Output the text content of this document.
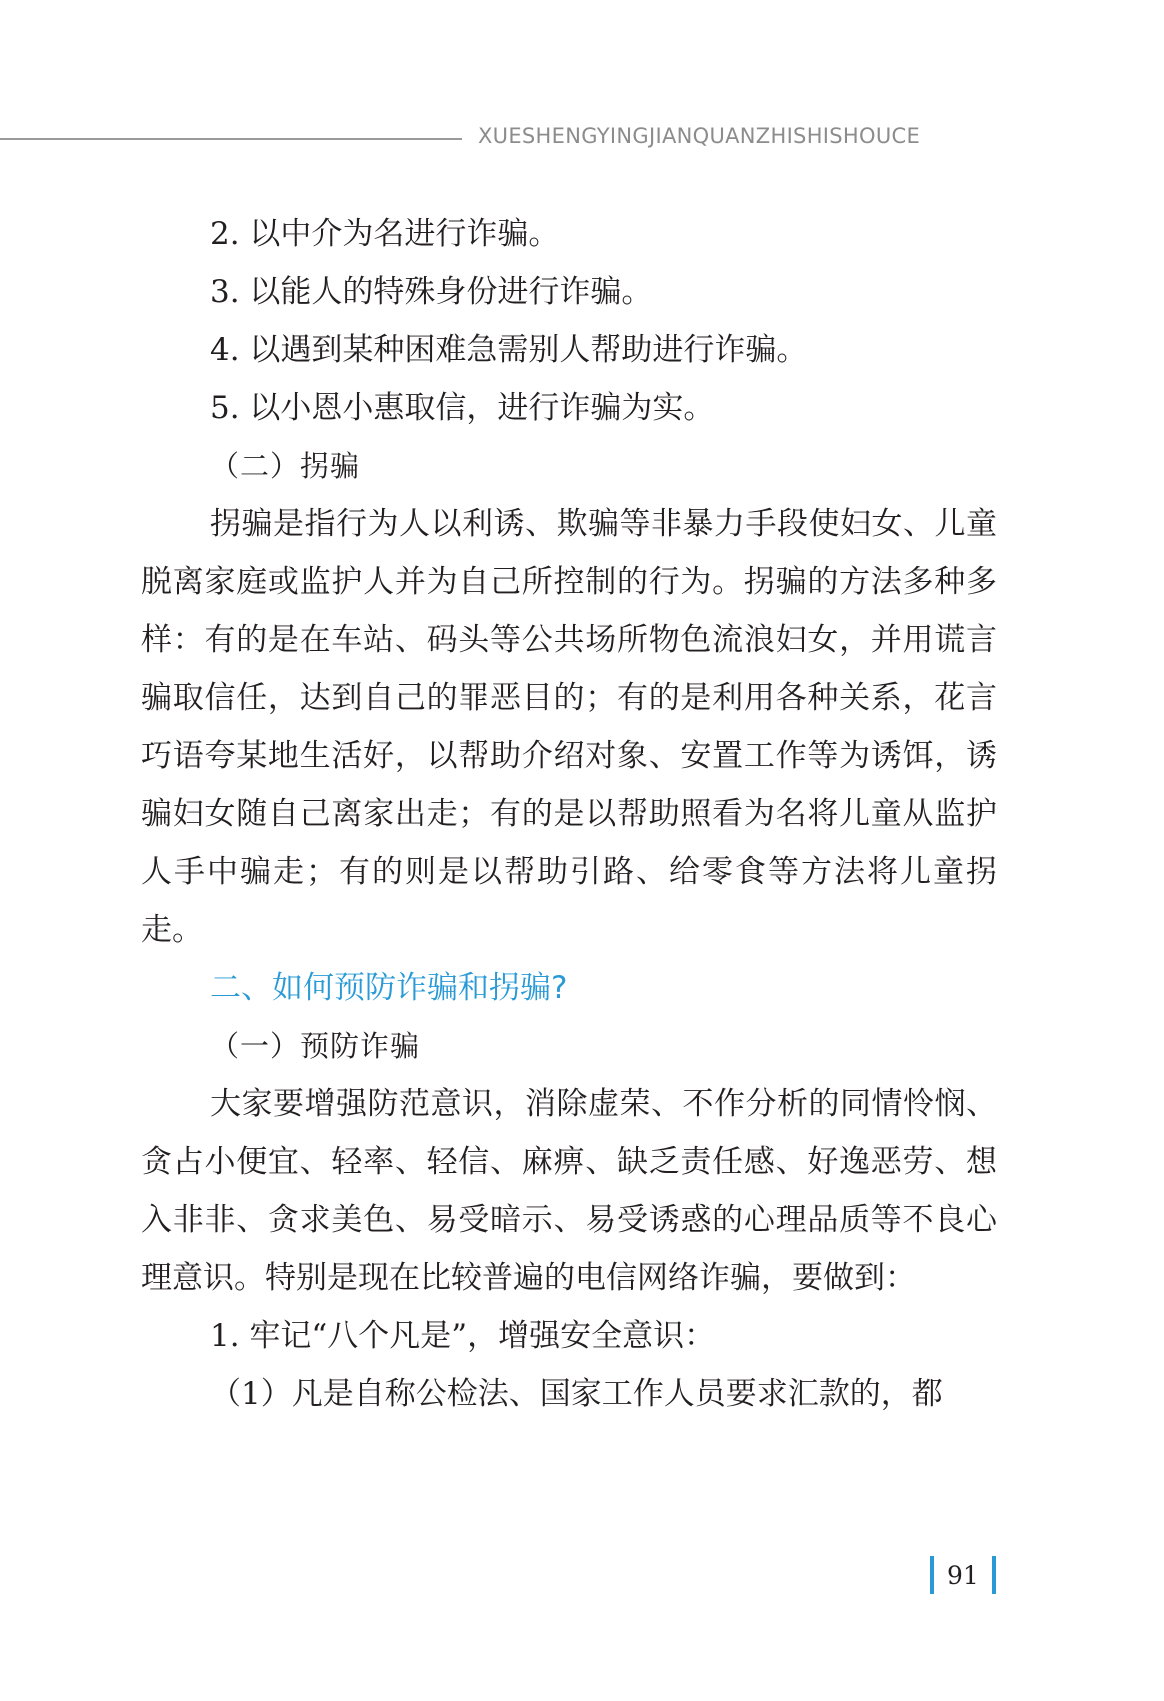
XUESHENGYINGJIANQUANZHISHISHOUCE
2. 以中介为名进行诈骗。
3. 以能人的特殊身份进行诈骗。
4. 以遇到某种困难急需别人帮助进行诈骗。
5. 以小恩小惠取信，进行诈骗为实。
（二）拐骗

拐骗是指行为人以利诱、欺骗等非暴力手段使妇女、儿童脱离家庭或监护人并为自己所控制的行为。拐骗的方法多种多样：有的是在车站、码头等公共场所物色流浪妇女，并用谎言骗取信任，达到自己的罪恶目的；有的是利用各种关系，花言巧语夸某地生活好，以帮助介绍对象、安置工作等为诱饵，诱骗妇女随自己离家出走；有的是以帮助照看为名将儿童从监护人手中骗走；有的则是以帮助引路、给零食等方法将儿童拐走。

二、如何预防诈骗和拐骗?
（一）预防诈骗

大家要增强防范意识，消除虚荣、不作分析的同情怜悯、贪占小便宜、轻率、轻信、麻痹、缺乏责任感、好逸恶劳、想入非非、贪求美色、易受暗示、易受诱惑的心理品质等不良心理意识。特别是现在比较普遍的电信网络诈骗，要做到：

1. 牢记“八个凡是”，增强安全意识：
（1）凡是自称公检法、国家工作人员要求汇款的，都
91
